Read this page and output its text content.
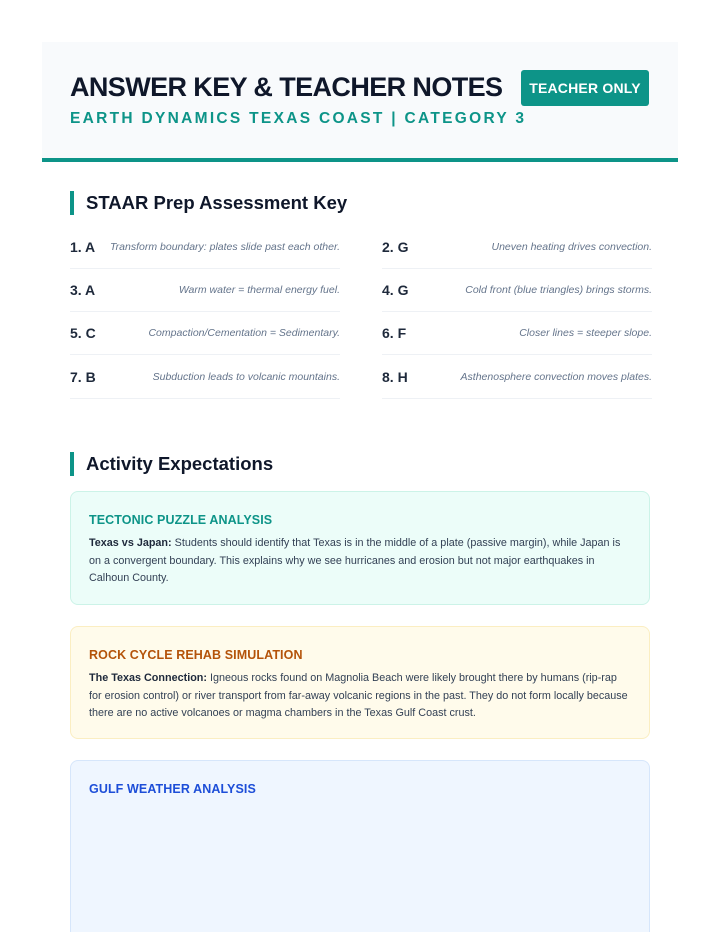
ANSWER KEY & TEACHER NOTES
EARTH DYNAMICS TEXAS COAST | CATEGORY 3
TEACHER ONLY
STAAR Prep Assessment Key
1. A Transform boundary: plates slide past each other.	2. G	Uneven heating drives convection.
3. A	Warm water = thermal energy fuel.	4. G	Cold front (blue triangles) brings storms.
5. C	Compaction/Cementation = Sedimentary.	6. F	Closer lines = steeper slope.
7. B	Subduction leads to volcanic mountains.	8. H	Asthenosphere convection moves plates.
Activity Expectations
TECTONIC PUZZLE ANALYSIS
Texas vs Japan: Students should identify that Texas is in the middle of a plate (passive margin), while Japan is on a convergent boundary. This explains why we see hurricanes and erosion but not major earthquakes in Calhoun County.
ROCK CYCLE REHAB SIMULATION
The Texas Connection: Igneous rocks found on Magnolia Beach were likely brought there by humans (rip-rap for erosion control) or river transport from far-away volcanic regions in the past. They do not form locally because there are no active volcanoes or magma chambers in the Texas Gulf Coast crust.
GULF WEATHER ANALYSIS
